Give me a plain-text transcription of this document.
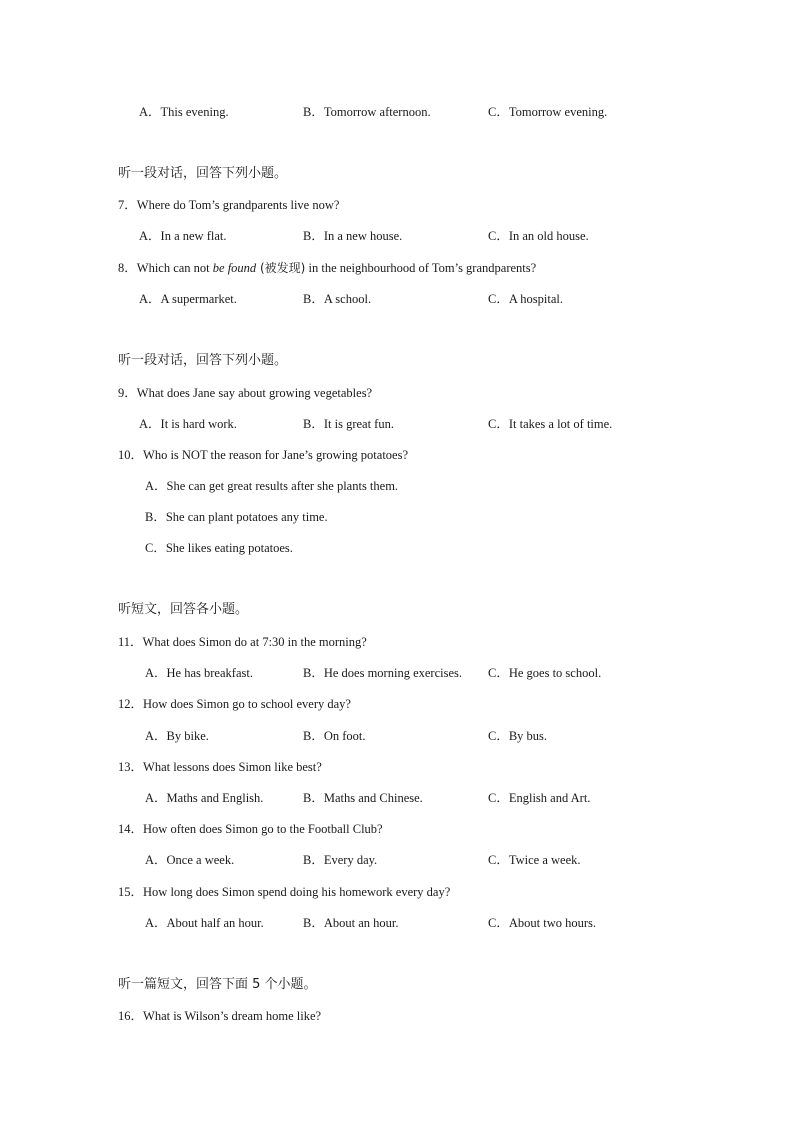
A．This evening.	B．Tomorrow afternoon.	C．Tomorrow evening.
听一段对话，回答下列小题。
7．Where do Tom’s grandparents live now?
A．In a new flat.	B．In a new house.	C．In an old house.
8．Which can not be found (被发现) in the neighbourhood of Tom’s grandparents?
A．A supermarket.	B．A school.	C．A hospital.
听一段对话，回答下列小题。
9．What does Jane say about growing vegetables?
A．It is hard work.	B．It is great fun.	C．It takes a lot of time.
10．Who is NOT the reason for Jane’s growing potatoes?
A．She can get great results after she plants them.
B．She can plant potatoes any time.
C．She likes eating potatoes.
听短文，回答各小题。
11．What does Simon do at 7:30 in the morning?
A．He has breakfast.	B．He does morning exercises. C．He goes to school.
12．How does Simon go to school every day?
A．By bike.	B．On foot.	C．By bus.
13．What lessons does Simon like best?
A．Maths and English.	B．Maths and Chinese.	C．English and Art.
14．How often does Simon go to the Football Club?
A．Once a week.	B．Every day.	C．Twice a week.
15．How long does Simon spend doing his homework every day?
A．About half an hour.	B．About an hour.	C．About two hours.
听一篇短文，回答下面 5 个小题。
16．What is Wilson’s dream home like?
